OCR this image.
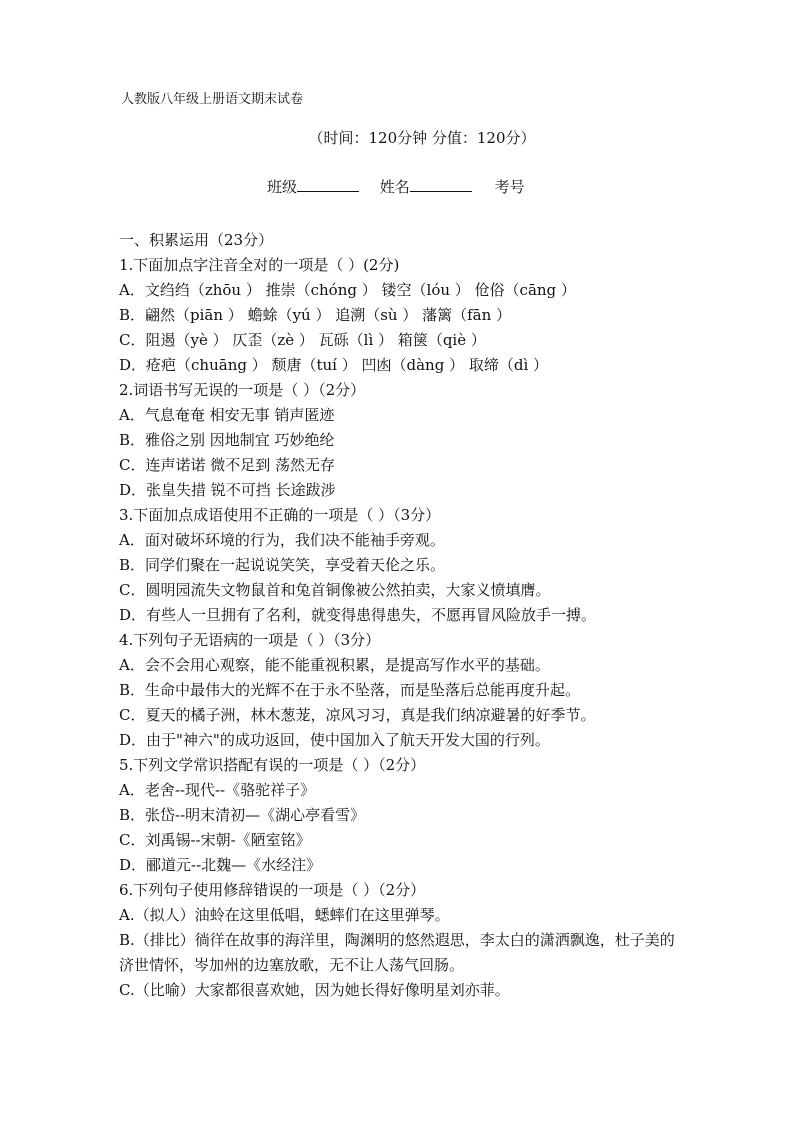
人教版八年级上册语文期末试卷
（时间：120分钟 分值：120分）
班级	姓名	考号
一、积累运用（23分）
1.下面加点字注音全对的一项是（ ）(2分)
A．文绉绉（zhōu ） 推崇（chóng ） 镂空（lóu ） 伧俗（cāng ）
B．翩然（piān ） 蟾蜍（yú ） 追溯（sù ） 藩篱（fān ）
C．阻遏（yè ） 仄歪（zè ） 瓦砾（lì ） 箱箧（qiè ）
D．疮疤（chuāng ） 颓唐（tuí ） 凹凼（dàng ） 取缔（dì ）
2.词语书写无误的一项是（ ）（2分）
A．气息奄奄 相安无事 销声匿迹
B．雅俗之别 因地制宜 巧妙绝纶
C．连声诺诺 微不足到 荡然无存
D．张皇失措 锐不可挡 长途跋涉
3.下面加点成语使用不正确的一项是（ ）（3分）
A．面对破坏环境的行为，我们决不能袖手旁观。
B．同学们聚在一起说说笑笑，享受着天伦之乐。
C．圆明园流失文物鼠首和兔首铜像被公然拍卖，大家义愤填膺。
D．有些人一旦拥有了名利，就变得患得患失，不愿再冒风险放手一搏。
4.下列句子无语病的一项是（ ）（3分）
A．会不会用心观察，能不能重视积累，是提高写作水平的基础。
B．生命中最伟大的光辉不在于永不坠落，而是坠落后总能再度升起。
C．夏天的橘子洲，林木葱茏，凉风习习，真是我们纳凉避暑的好季节。
D．由于"神六"的成功返回，使中国加入了航天开发大国的行列。
5.下列文学常识搭配有误的一项是（ ）（2分）
A．老舍--现代--《骆驼祥子》
B．张岱--明末清初—《湖心亭看雪》
C．刘禹锡--宋朝-《陋室铭》
D．郦道元--北魏—《水经注》
6.下列句子使用修辞错误的一项是（ ）（2分）
A.（拟人）油蛉在这里低唱，蟋蟀们在这里弹琴。
B.（排比）徜徉在故事的海洋里，陶渊明的悠然遐思，李太白的潇洒飘逸，杜子美的济世情怀，岑加州的边塞放歌，无不让人荡气回肠。
C.（比喻）大家都很喜欢她，因为她长得好像明星刘亦菲。
